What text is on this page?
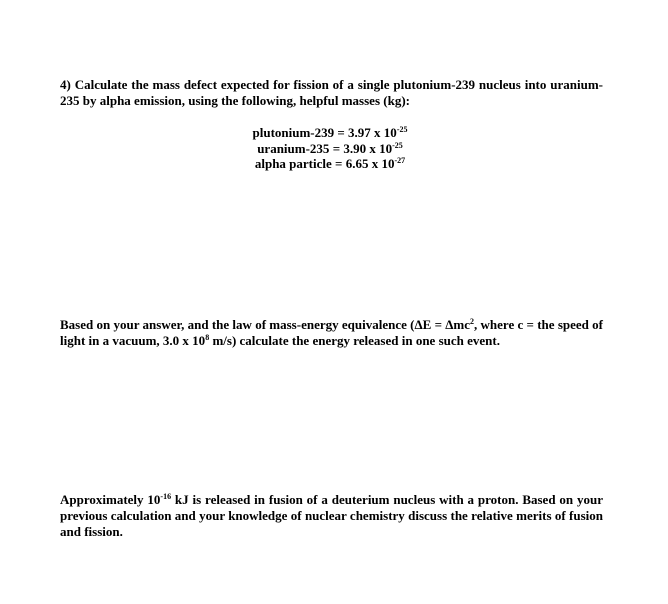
4) Calculate the mass defect expected for fission of a single plutonium-239 nucleus into uranium-235 by alpha emission, using the following, helpful masses (kg):
plutonium-239 = 3.97 x $10^{-25}$
uranium-235 = 3.90 x $10^{-25}$
alpha particle = 6.65 x $10^{-27}$
Based on your answer, and the law of mass-energy equivalence (ΔE = Δmc$^2$, where c = the speed of light in a vacuum, 3.0 x $10^8$ m/s) calculate the energy released in one such event.
Approximately $10^{-16}$ kJ is released in fusion of a deuterium nucleus with a proton. Based on your previous calculation and your knowledge of nuclear chemistry discuss the relative merits of fusion and fission.
